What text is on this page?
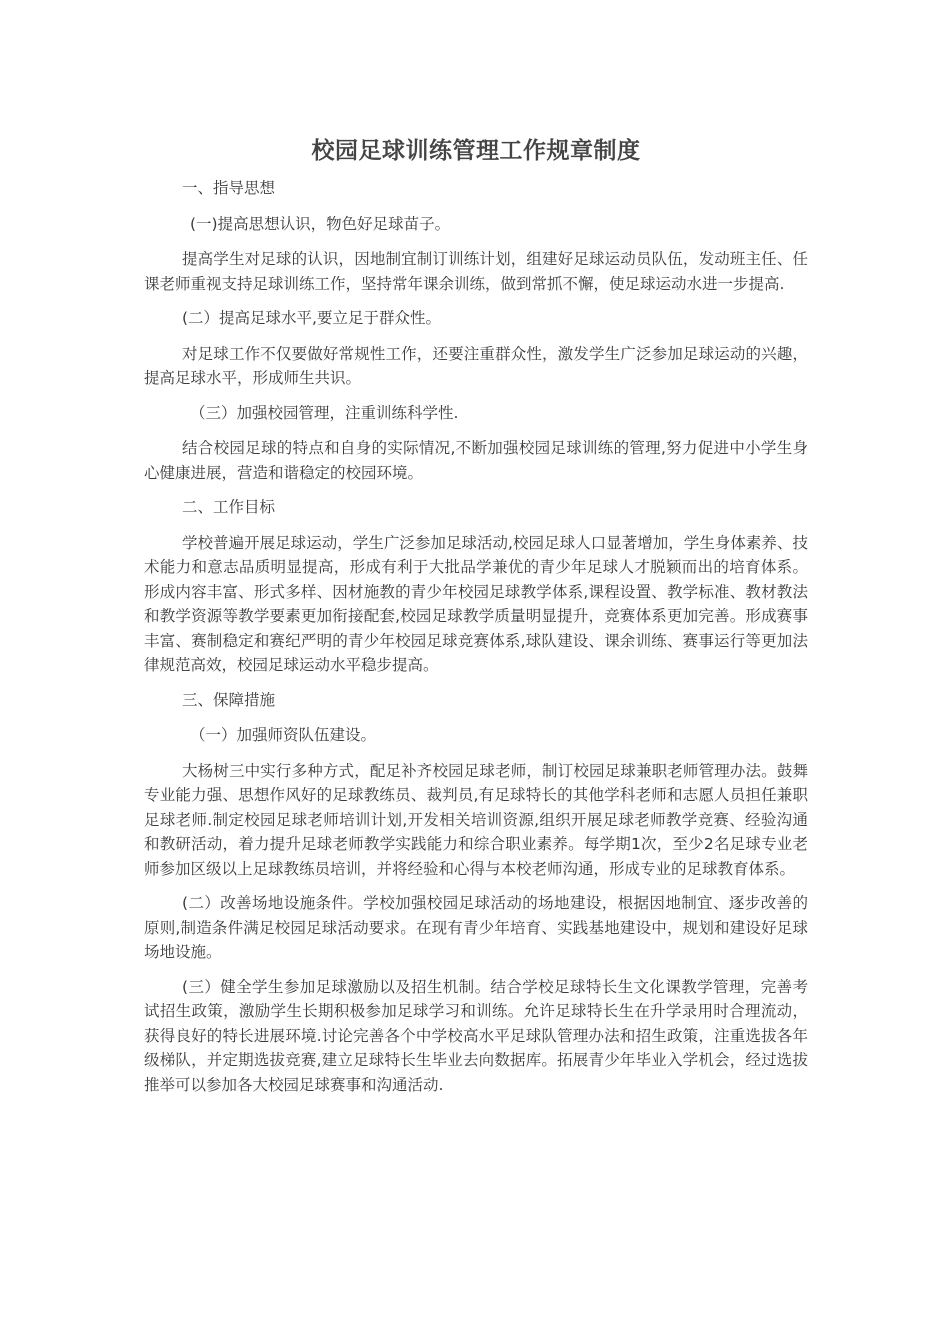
校园足球训练管理工作规章制度

一、指导思想

(一)提高思想认识，物色好足球苗子。

提高学生对足球的认识，因地制宜制订训练计划，组建好足球运动员队伍，发动班主任、任课老师重视支持足球训练工作，坚持常年课余训练，做到常抓不懈，使足球运动水进一步提高.

(二）提高足球水平,要立足于群众性。

对足球工作不仅要做好常规性工作，还要注重群众性，激发学生广泛参加足球运动的兴趣，提高足球水平，形成师生共识。

（三）加强校园管理，注重训练科学性.

结合校园足球的特点和自身的实际情况,不断加强校园足球训练的管理,努力促进中小学生身心健康进展，营造和谐稳定的校园环境。

二、工作目标

学校普遍开展足球运动，学生广泛参加足球活动,校园足球人口显著增加，学生身体素养、技术能力和意志品质明显提高，形成有利于大批品学兼优的青少年足球人才脱颖而出的培育体系。形成内容丰富、形式多样、因材施教的青少年校园足球教学体系,课程设置、教学标准、教材教法和教学资源等教学要素更加衔接配套,校园足球教学质量明显提升，竞赛体系更加完善。形成赛事丰富、赛制稳定和赛纪严明的青少年校园足球竞赛体系,球队建设、课余训练、赛事运行等更加法律规范高效，校园足球运动水平稳步提高。

三、保障措施

（一）加强师资队伍建设。

大杨树三中实行多种方式，配足补齐校园足球老师，制订校园足球兼职老师管理办法。鼓舞专业能力强、思想作风好的足球教练员、裁判员,有足球特长的其他学科老师和志愿人员担任兼职足球老师.制定校园足球老师培训计划,开发相关培训资源,组织开展足球老师教学竞赛、经验沟通和教研活动，着力提升足球老师教学实践能力和综合职业素养。每学期1次，至少2名足球专业老师参加区级以上足球教练员培训，并将经验和心得与本校老师沟通，形成专业的足球教育体系。

(二）改善场地设施条件。学校加强校园足球活动的场地建设，根据因地制宜、逐步改善的原则,制造条件满足校园足球活动要求。在现有青少年培育、实践基地建设中，规划和建设好足球场地设施。

(三）健全学生参加足球激励以及招生机制。结合学校足球特长生文化课教学管理，完善考试招生政策，激励学生长期积极参加足球学习和训练。允许足球特长生在升学录用时合理流动，获得良好的特长进展环境.讨论完善各个中学校高水平足球队管理办法和招生政策，注重选拔各年级梯队，并定期选拔竞赛,建立足球特长生毕业去向数据库。拓展青少年毕业入学机会，经过选拔推举可以参加各大校园足球赛事和沟通活动.
